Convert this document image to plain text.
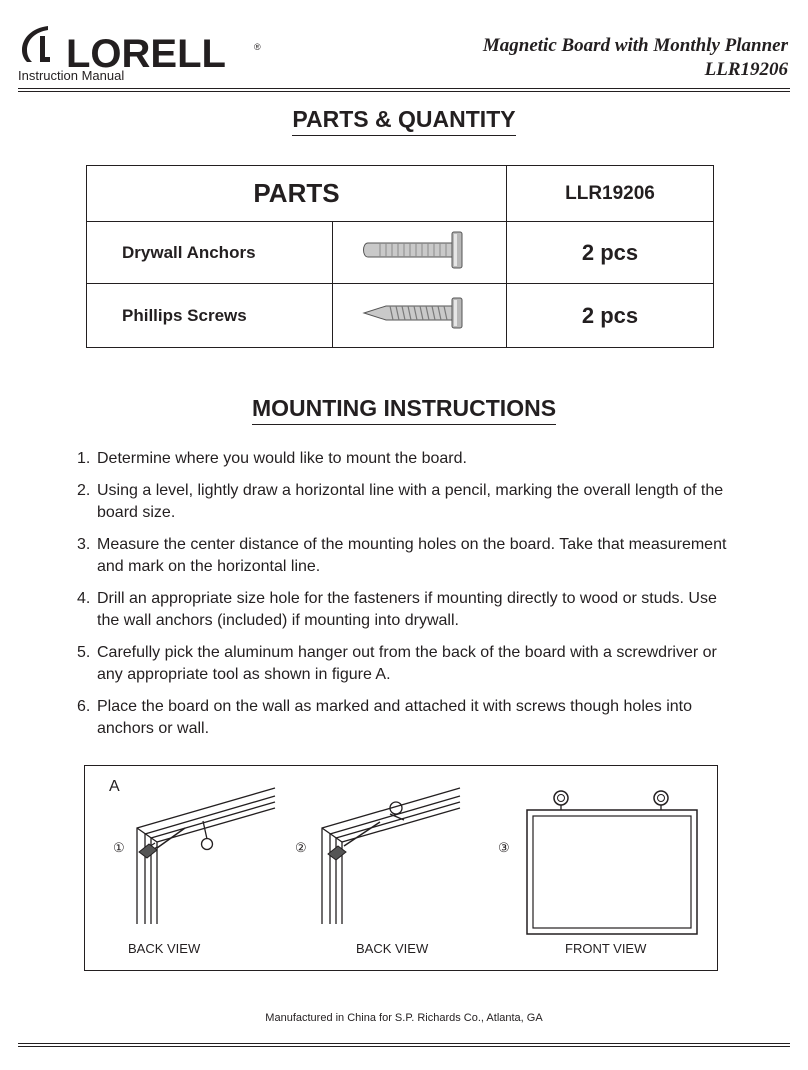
LORELL	®
Instruction Manual
Magnetic Board with Monthly Planner
LLR19206
PARTS & QUANTITY
PARTS		LLR19206
Drywall Anchors		2 pcs
Phillips Screws		2 pcs
MOUNTING INSTRUCTIONS
1. Determine where you would like to mount the board.
2. Using a level, lightly draw a horizontal line with a pencil, marking the overall length of the board size.
3. Measure the center distance of the mounting holes on the board. Take that measurement and mark on the horizontal line.
4. Drill an appropriate size hole for the fasteners if mounting directly to wood or studs. Use the wall anchors (included) if mounting into drywall.
5. Carefully pick the aluminum hanger out from the back of the board with a screwdriver or any appropriate tool as shown in figure A.
6. Place the board on the wall as marked and attached it with screws though holes into anchors or wall.
A
①
BACK VIEW
②
BACK VIEW
③
FRONT VIEW
Manufactured in China for S.P. Richards Co., Atlanta, GA
